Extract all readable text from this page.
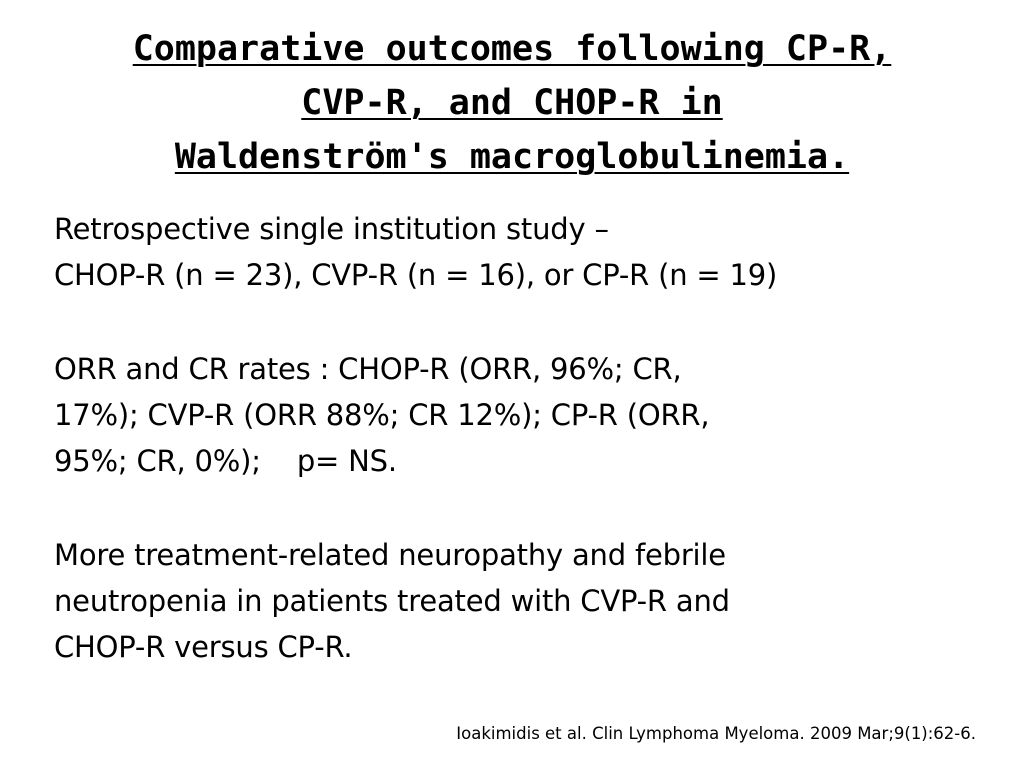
Comparative outcomes following CP-R,
CVP-R, and CHOP-R in
Waldenström's macroglobulinemia.
Retrospective single institution study –
CHOP-R (n = 23), CVP-R (n = 16), or CP-R (n = 19)
ORR and CR rates : CHOP-R (ORR, 96%; CR,
17%); CVP-R (ORR 88%; CR 12%); CP-R (ORR,
95%; CR, 0%);    p= NS.
More treatment-related neuropathy and febrile
neutropenia in patients treated with CVP-R and
CHOP-R versus CP-R.
Ioakimidis et al. Clin Lymphoma Myeloma. 2009 Mar;9(1):62-6.
